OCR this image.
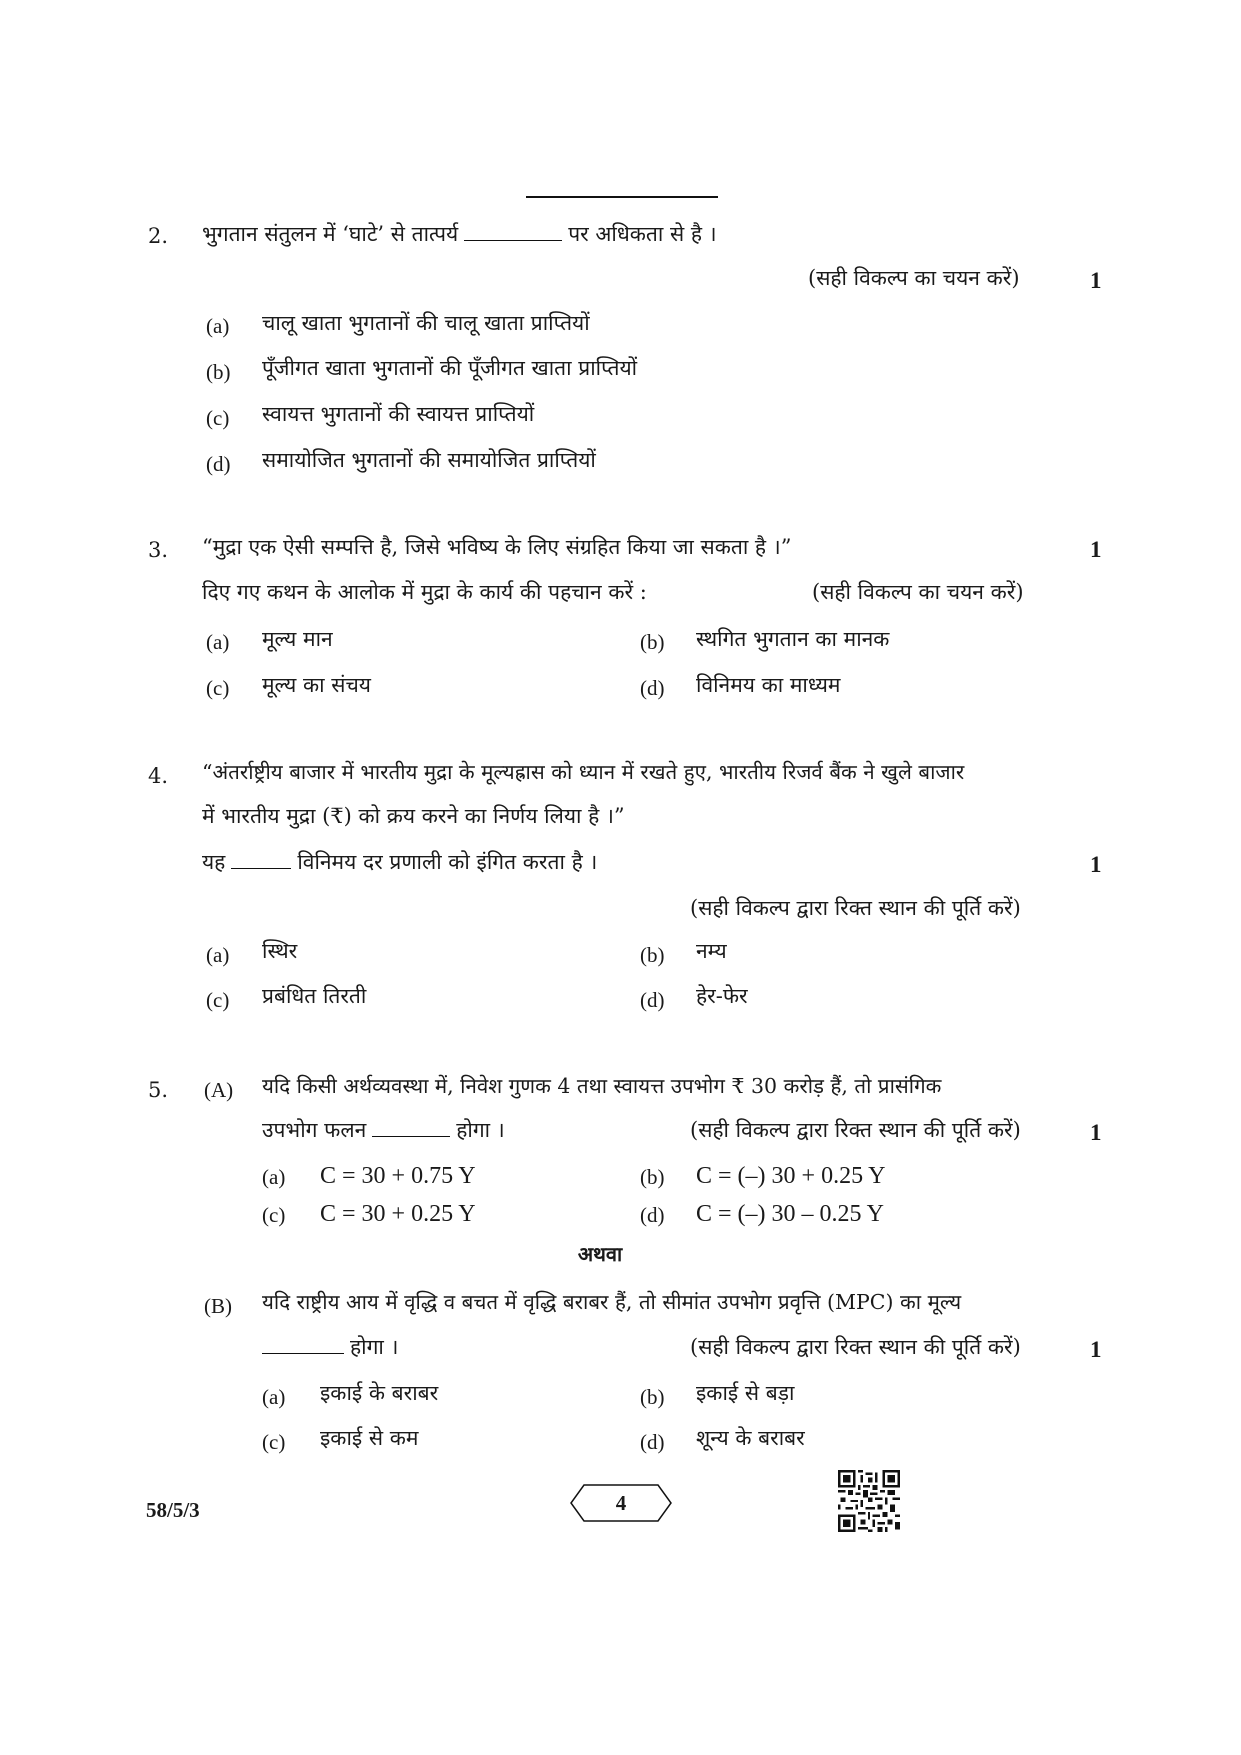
2. भुगतान संतुलन में ‘घाटे’ से तात्पर्य	पर अधिकता से है ।
(सही विकल्प का चयन करें)	1
(a) चालू खाता भुगतानों की चालू खाता प्राप्तियों
(b) पूँजीगत खाता भुगतानों की पूँजीगत खाता प्राप्तियों
(c) स्वायत्त भुगतानों की स्वायत्त प्राप्तियों
(d) समायोजित भुगतानों की समायोजित प्राप्तियों
3. “मुद्रा एक ऐसी सम्पत्ति है, जिसे भविष्य के लिए संग्रहित किया जा सकता है ।”	1
दिए गए कथन के आलोक में मुद्रा के कार्य की पहचान करें :	(सही विकल्प का चयन करें)
(a) मूल्य मान	(b) स्थगित भुगतान का मानक
(c) मूल्य का संचय	(d) विनिमय का माध्यम
4. “अंतर्राष्ट्रीय बाजार में भारतीय मुद्रा के मूल्यह्रास को ध्यान में रखते हुए, भारतीय रिजर्व बैंक ने खुले बाजार
में भारतीय मुद्रा (₹) को क्रय करने का निर्णय लिया है ।”
यह	विनिमय दर प्रणाली को इंगित करता है ।	1
(सही विकल्प द्वारा रिक्त स्थान की पूर्ति करें)
(a) स्थिर	(b) नम्य
(c) प्रबंधित तिरती	(d) हेर-फेर
5. (A) यदि किसी अर्थव्यवस्था में, निवेश गुणक 4 तथा स्वायत्त उपभोग ₹ 30 करोड़ हैं, तो प्रासंगिक
उपभोग फलन	होगा ।	(सही विकल्प द्वारा रिक्त स्थान की पूर्ति करें)	1
(a) C = 30 + 0.75 Y	(b) C = (–) 30 + 0.25 Y
(c) C = 30 + 0.25 Y	(d) C = (–) 30 – 0.25 Y
अथवा
(B) यदि राष्ट्रीय आय में वृद्धि व बचत में वृद्धि बराबर हैं, तो सीमांत उपभोग प्रवृत्ति (MPC) का मूल्य
होगा ।	(सही विकल्प द्वारा रिक्त स्थान की पूर्ति करें)	1
(a) इकाई के बराबर	(b) इकाई से बड़ा
(c) इकाई से कम	(d) शून्य के बराबर
58/5/3	4
